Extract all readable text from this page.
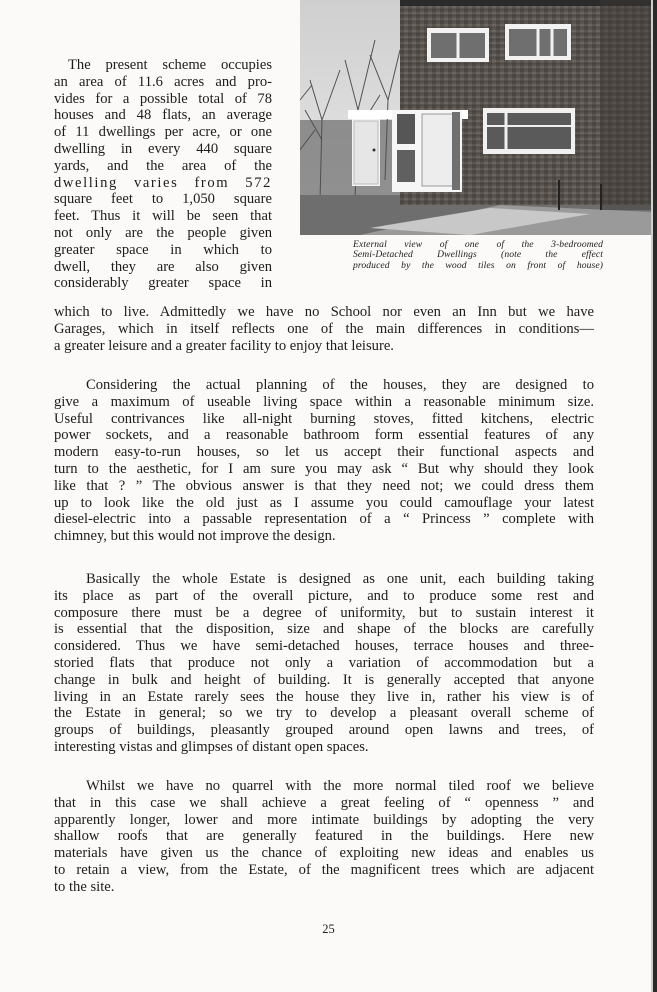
External view of one of the 3-bedroomed
Semi-Detached Dwellings (note the effect
produced by the wood tiles on front of house)
The present scheme occupies
an area of 11.6 acres and pro-
vides for a possible total of 78
houses and 48 flats, an average
of 11 dwellings per acre, or one
dwelling in every 440 square
yards, and the area of the
dwelling varies from 572
square feet to 1,050 square
feet. Thus it will be seen that
not only are the people given
greater space in which to
dwell, they are also given
considerably greater space in
which to live. Admittedly we have no School nor even an Inn but we have
Garages, which in itself reflects one of the main differences in conditions—
a greater leisure and a greater facility to enjoy that leisure.
Considering the actual planning of the houses, they are designed to
give a maximum of useable living space within a reasonable minimum size.
Useful contrivances like all-night burning stoves, fitted kitchens, electric
power sockets, and a reasonable bathroom form essential features of any
modern easy-to-run houses, so let us accept their functional aspects and
turn to the aesthetic, for I am sure you may ask “ But why should they look
like that ? ” The obvious answer is that they need not; we could dress them
up to look like the old just as I assume you could camouflage your latest
diesel-electric into a passable representation of a “ Princess ” complete with
chimney, but this would not improve the design.
Basically the whole Estate is designed as one unit, each building taking
its place as part of the overall picture, and to produce some rest and
composure there must be a degree of uniformity, but to sustain interest it
is essential that the disposition, size and shape of the blocks are carefully
considered. Thus we have semi-detached houses, terrace houses and three-
storied flats that produce not only a variation of accommodation but a
change in bulk and height of building. It is generally accepted that anyone
living in an Estate rarely sees the house they live in, rather his view is of
the Estate in general; so we try to develop a pleasant overall scheme of
groups of buildings, pleasantly grouped around open lawns and trees, of
interesting vistas and glimpses of distant open spaces.
Whilst we have no quarrel with the more normal tiled roof we believe
that in this case we shall achieve a great feeling of “ openness ” and
apparently longer, lower and more intimate buildings by adopting the very
shallow roofs that are generally featured in the buildings. Here new
materials have given us the chance of exploiting new ideas and enables us
to retain a view, from the Estate, of the magnificent trees which are adjacent
to the site.
25
